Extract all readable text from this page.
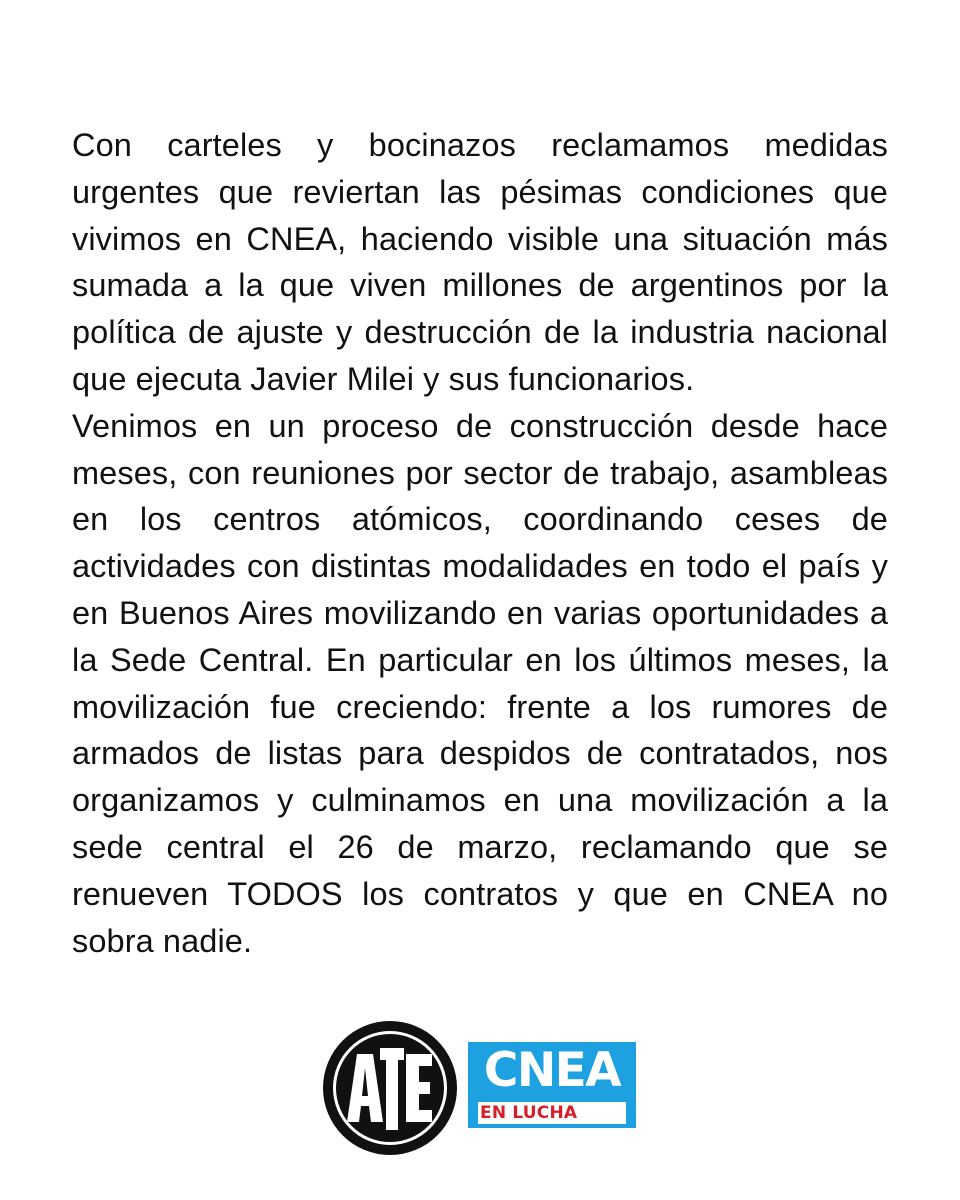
Con carteles y bocinazos reclamamos medidas urgentes que reviertan las pésimas condiciones que vivimos en CNEA, haciendo visible una situación más sumada a la que viven millones de argentinos por la política de ajuste y destrucción de la industria nacional que ejecuta Javier Milei y sus funcionarios.

Venimos en un proceso de construcción desde hace meses, con reuniones por sector de trabajo, asambleas en los centros atómicos, coordinando ceses de actividades con distintas modalidades en todo el país y en Buenos Aires movilizando en varias oportunidades a la Sede Central. En particular en los últimos meses, la movilización fue creciendo: frente a los rumores de armados de listas para despidos de contratados, nos organizamos y culminamos en una movilización a la sede central el 26 de marzo, reclamando que se renueven TODOS los contratos y que en CNEA no sobra nadie.

CNEA
EN LUCHA
